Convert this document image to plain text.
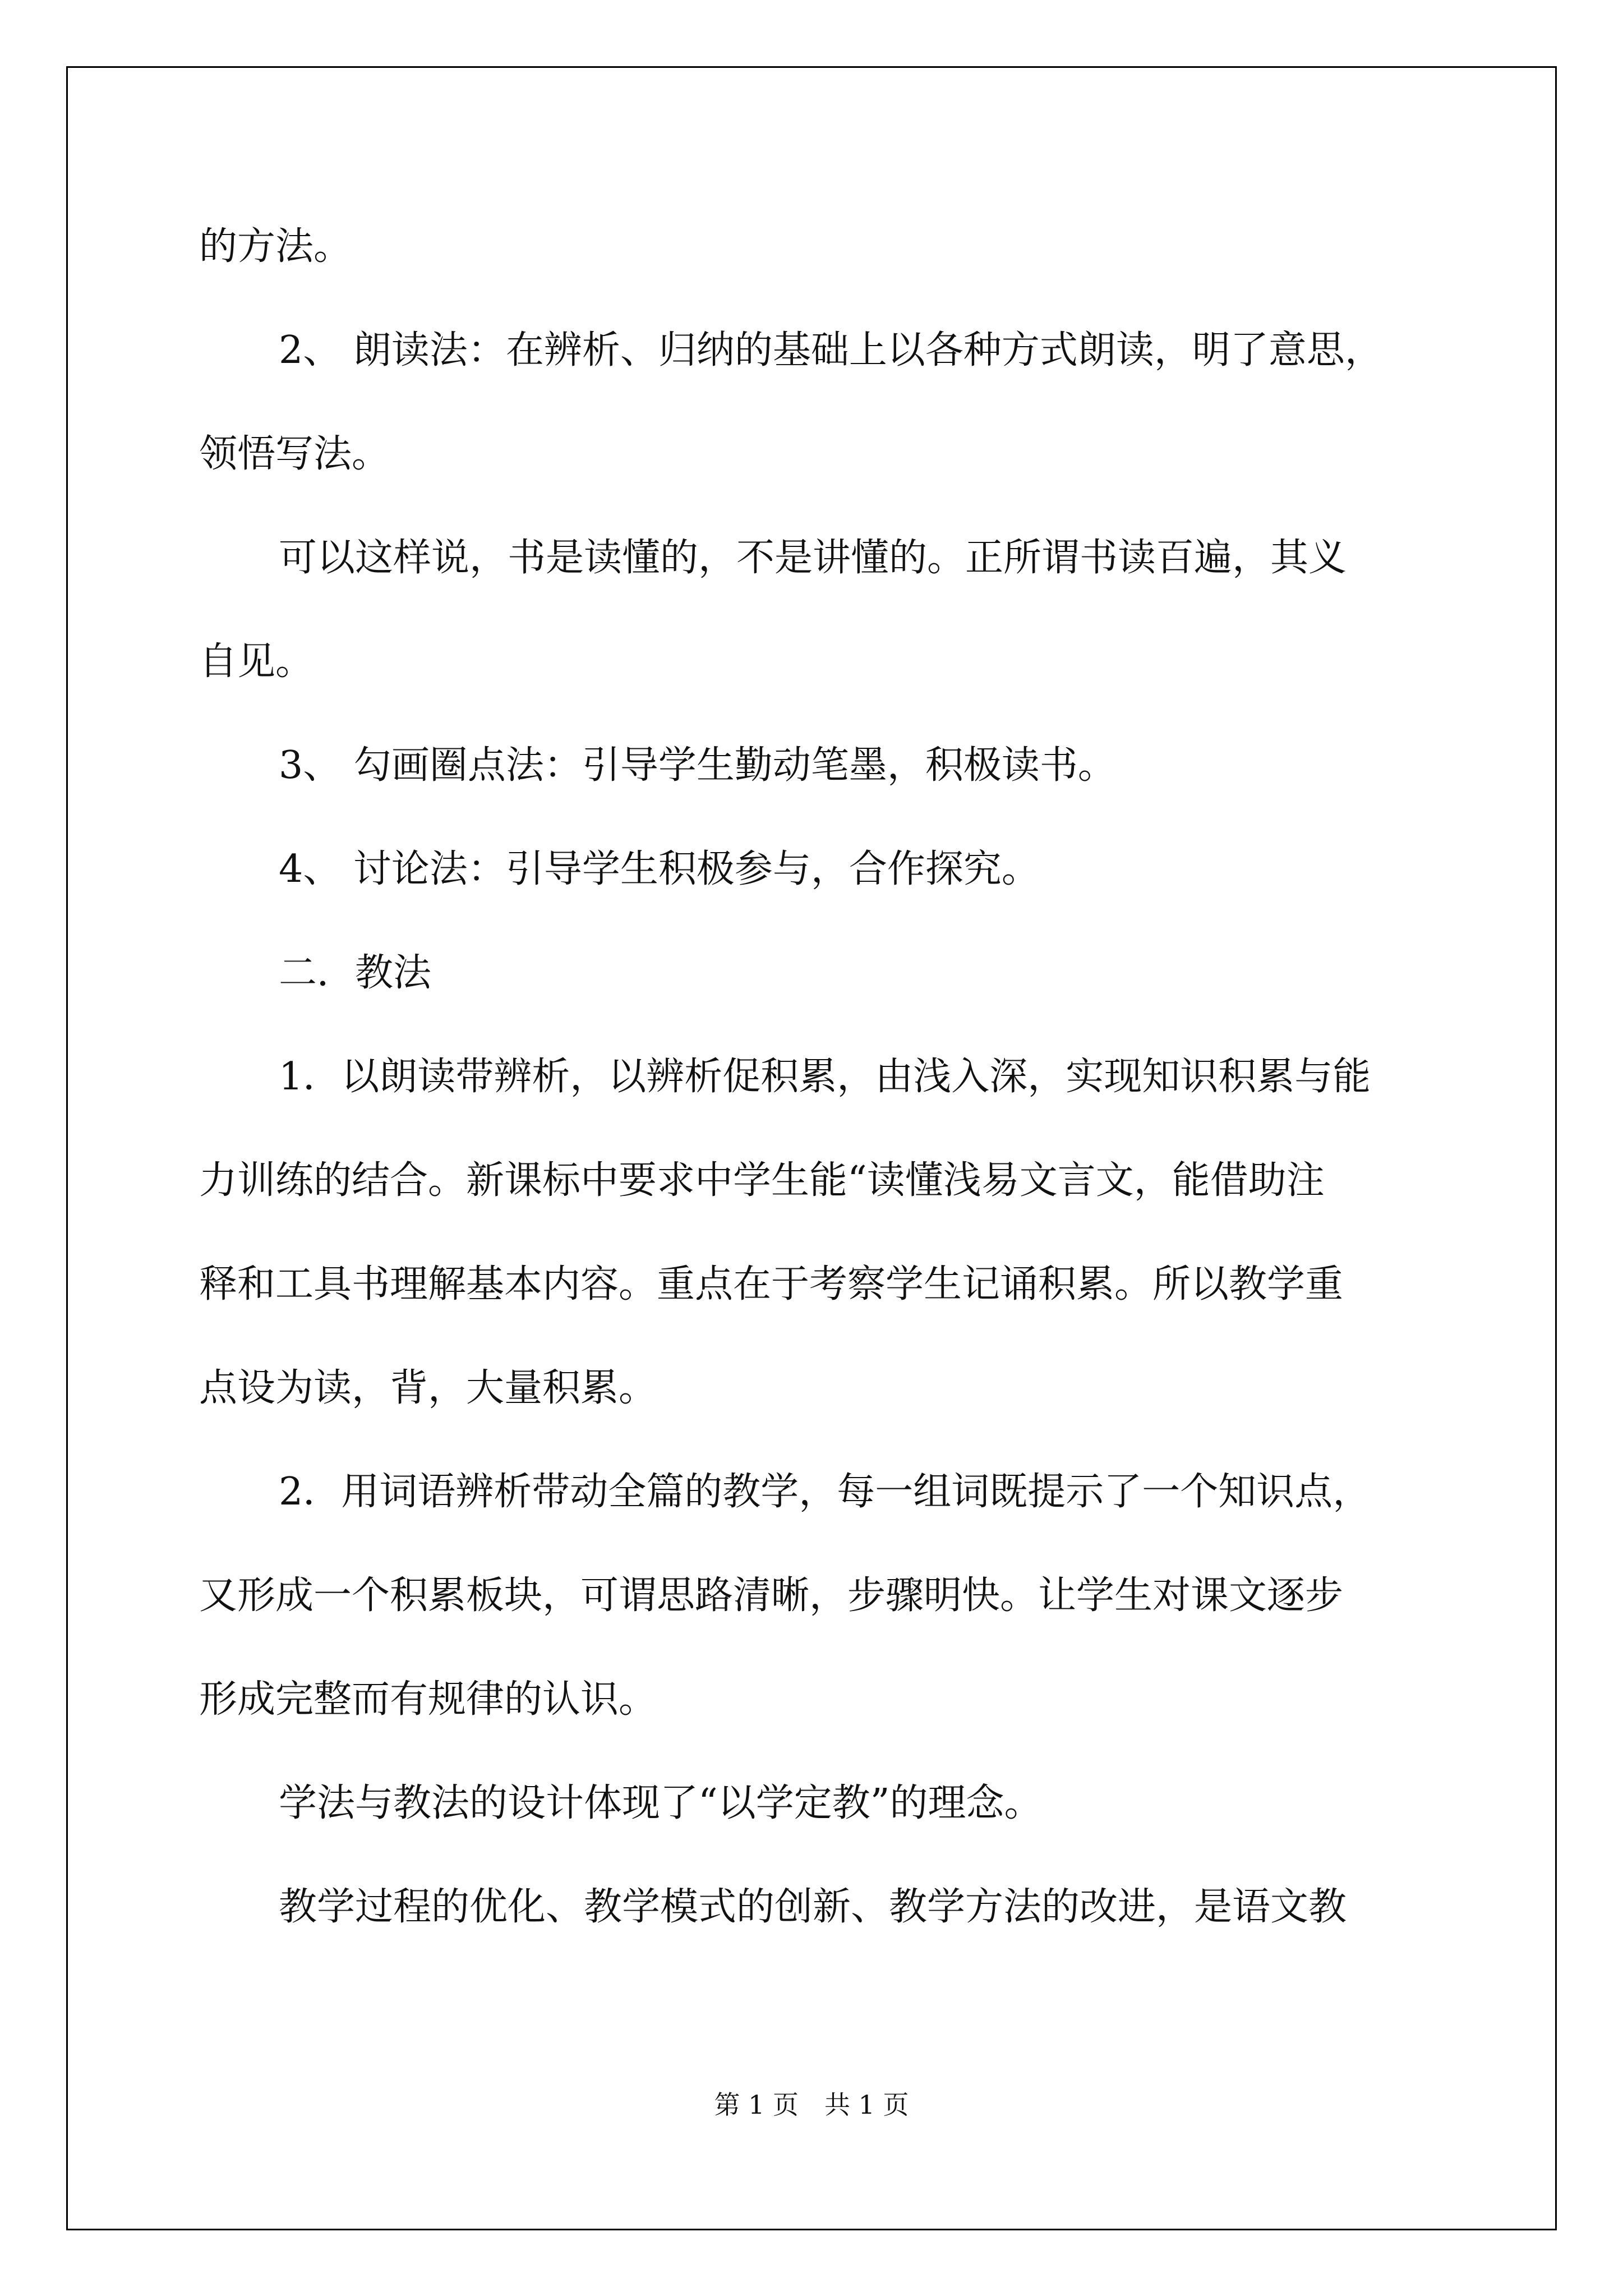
的方法。
2、 朗读法：在辨析、归纳的基础上以各种方式朗读，明了意思，
领悟写法。
可以这样说，书是读懂的，不是讲懂的。正所谓书读百遍，其义
自见。
3、 勾画圈点法：引导学生勤动笔墨，积极读书。
4、 讨论法：引导学生积极参与，合作探究。
二．教法
1．以朗读带辨析，以辨析促积累，由浅入深，实现知识积累与能
力训练的结合。新课标中要求中学生能“读懂浅易文言文，能借助注
释和工具书理解基本内容。重点在于考察学生记诵积累。所以教学重
点设为读，背，大量积累。
2．用词语辨析带动全篇的教学，每一组词既提示了一个知识点，
又形成一个积累板块，可谓思路清晰，步骤明快。让学生对课文逐步
形成完整而有规律的认识。
学法与教法的设计体现了“以学定教”的理念。
教学过程的优化、教学模式的创新、教学方法的改进，是语文教
第 1 页　共 1 页
